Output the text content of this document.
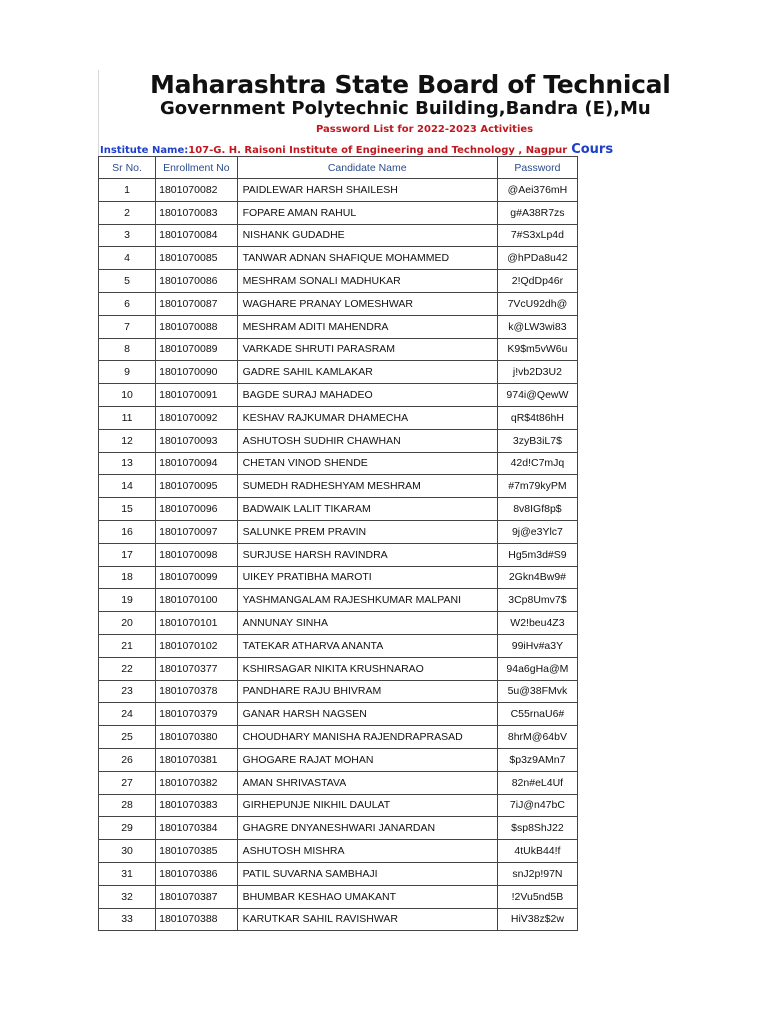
Maharashtra State Board of Technical
Government Polytechnic Building,Bandra (E),Mu
Password List for 2022-2023 Activities
Institute Name:107-G. H. Raisoni Institute of Engineering and Technology , Nagpur Cours
Sr No.	Enrollment No	Candidate Name	Password
1	1801070082	PAIDLEWAR HARSH SHAILESH	@Aei376mH
2	1801070083	FOPARE AMAN RAHUL	g#A38R7zs
3	1801070084	NISHANK GUDADHE	7#S3xLp4d
4	1801070085	TANWAR ADNAN SHAFIQUE MOHAMMED	@hPDa8u42
5	1801070086	MESHRAM SONALI MADHUKAR	2!QdDp46r
6	1801070087	WAGHARE PRANAY LOMESHWAR	7VcU92dh@
7	1801070088	MESHRAM ADITI MAHENDRA	k@LW3wi83
8	1801070089	VARKADE SHRUTI PARASRAM	K9$m5vW6u
9	1801070090	GADRE SAHIL KAMLAKAR	j!vb2D3U2
10	1801070091	BAGDE SURAJ MAHADEO	974i@QewW
11	1801070092	KESHAV RAJKUMAR DHAMECHA	qR$4t86hH
12	1801070093	ASHUTOSH SUDHIR CHAWHAN	3zyB3iL7$
13	1801070094	CHETAN VINOD SHENDE	42d!C7mJq
14	1801070095	SUMEDH RADHESHYAM MESHRAM	#7m79kyPM
15	1801070096	BADWAIK LALIT TIKARAM	8v8IGf8p$
16	1801070097	SALUNKE PREM PRAVIN	9j@e3Ylc7
17	1801070098	SURJUSE HARSH RAVINDRA	Hg5m3d#S9
18	1801070099	UIKEY PRATIBHA MAROTI	2Gkn4Bw9#
19	1801070100	YASHMANGALAM RAJESHKUMAR MALPANI	3Cp8Umv7$
20	1801070101	ANNUNAY SINHA	W2!beu4Z3
21	1801070102	TATEKAR ATHARVA ANANTA	99iHv#a3Y
22	1801070377	KSHIRSAGAR NIKITA KRUSHNARAO	94a6gHa@M
23	1801070378	PANDHARE RAJU BHIVRAM	5u@38FMvk
24	1801070379	GANAR HARSH NAGSEN	C55rnaU6#
25	1801070380	CHOUDHARY MANISHA RAJENDRAPRASAD	8hrM@64bV
26	1801070381	GHOGARE RAJAT MOHAN	$p3z9AMn7
27	1801070382	AMAN SHRIVASTAVA	82n#eL4Uf
28	1801070383	GIRHEPUNJE NIKHIL DAULAT	7iJ@n47bC
29	1801070384	GHAGRE DNYANESHWARI JANARDAN	$sp8ShJ22
30	1801070385	ASHUTOSH MISHRA	4tUkB44!f
31	1801070386	PATIL SUVARNA SAMBHAJI	snJ2p!97N
32	1801070387	BHUMBAR KESHAO UMAKANT	!2Vu5nd5B
33	1801070388	KARUTKAR SAHIL RAVISHWAR	HiV38z$2w
